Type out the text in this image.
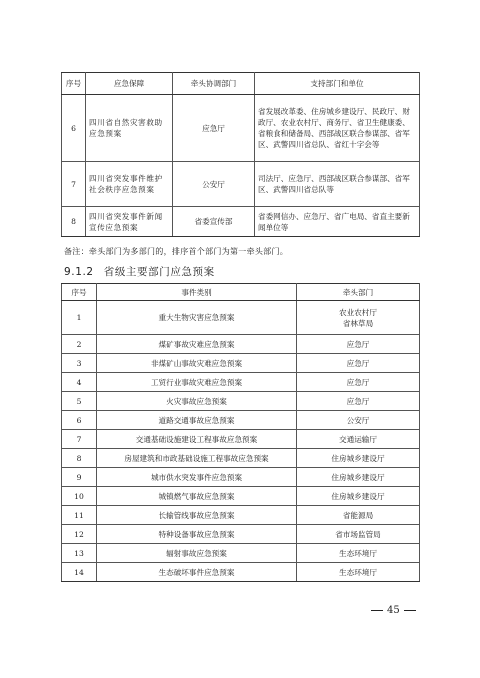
序号	应急保障	牵头协调部门	支持部门和单位
6	四川省自然灾害救助应急预案	应急厅	省发展改革委、住房城乡建设厅、民政厅、财政厅、农业农村厅、商务厅、省卫生健康委、省粮食和储备局、西部战区联合参谋部、省军区、武警四川省总队、省红十字会等
7	四川省突发事件维护社会秩序应急预案	公安厅	司法厅、应急厅、西部战区联合参谋部、省军区、武警四川省总队等
8	四川省突发事件新闻宣传应急预案	省委宣传部	省委网信办、应急厅、省广电局、省直主要新闻单位等
备注：牵头部门为多部门的，排序首个部门为第一牵头部门。
9.1.2 省级主要部门应急预案
序号	事件类别	牵头部门
1	重大生物灾害应急预案	农业农村厅
省林草局

2	煤矿事故灾难应急预案	应急厅
3	非煤矿山事故灾难应急预案	应急厅
4	工贸行业事故灾难应急预案	应急厅
5	火灾事故应急预案	应急厅
6	道路交通事故应急预案	公安厅
7	交通基础设施建设工程事故应急预案	交通运输厅
8	房屋建筑和市政基础设施工程事故应急预案	住房城乡建设厅
9	城市供水突发事件应急预案	住房城乡建设厅
10	城镇燃气事故应急预案	住房城乡建设厅
11	长输管线事故应急预案	省能源局
12	特种设备事故应急预案	省市场监管局
13	辐射事故应急预案	生态环境厅
14	生态破坏事件应急预案	生态环境厅
45
